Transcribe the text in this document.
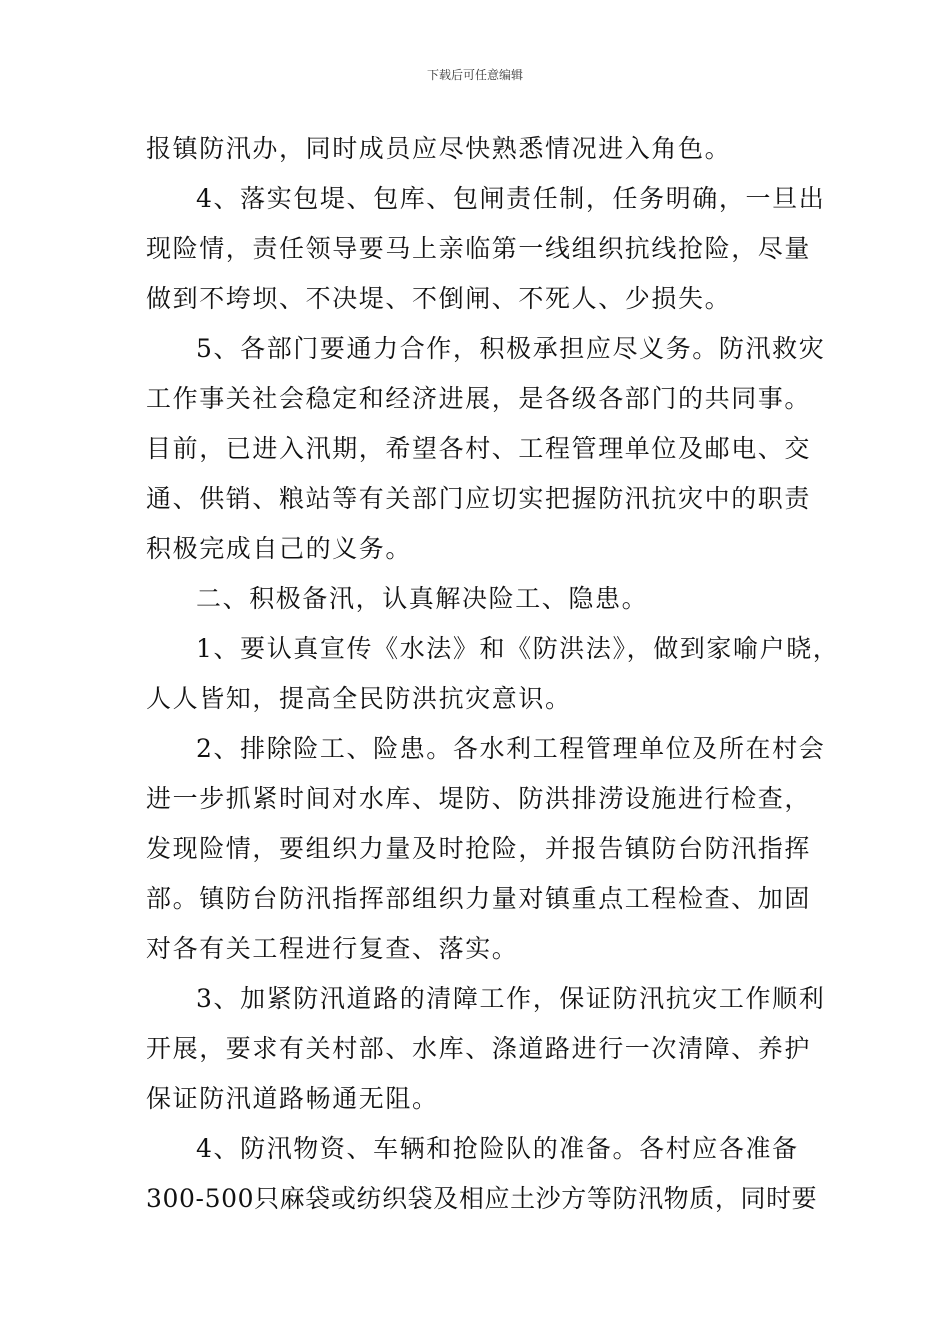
下载后可任意编辑
报镇防汛办，同时成员应尽快熟悉情况进入角色。
4、落实包堤、包库、包闸责任制，任务明确，一旦出
现险情，责任领导要马上亲临第一线组织抗线抢险，尽量
做到不垮坝、不决堤、不倒闸、不死人、少损失。
5、各部门要通力合作，积极承担应尽义务。防汛救灾
工作事关社会稳定和经济进展，是各级各部门的共同事。
目前，已进入汛期，希望各村、工程管理单位及邮电、交
通、供销、粮站等有关部门应切实把握防汛抗灾中的职责
积极完成自己的义务。
二、积极备汛，认真解决险工、隐患。
1、要认真宣传《水法》和《防洪法》，做到家喻户晓，
人人皆知，提高全民防洪抗灾意识。
2、排除险工、险患。各水利工程管理单位及所在村会
进一步抓紧时间对水库、堤防、防洪排涝设施进行检查，
发现险情，要组织力量及时抢险，并报告镇防台防汛指挥
部。镇防台防汛指挥部组织力量对镇重点工程检查、加固
对各有关工程进行复查、落实。
3、加紧防汛道路的清障工作，保证防汛抗灾工作顺利
开展，要求有关村部、水库、涤道路进行一次清障、养护
保证防汛道路畅通无阻。
4、防汛物资、车辆和抢险队的准备。各村应各准备
300-500只麻袋或纺织袋及相应土沙方等防汛物质，同时要
